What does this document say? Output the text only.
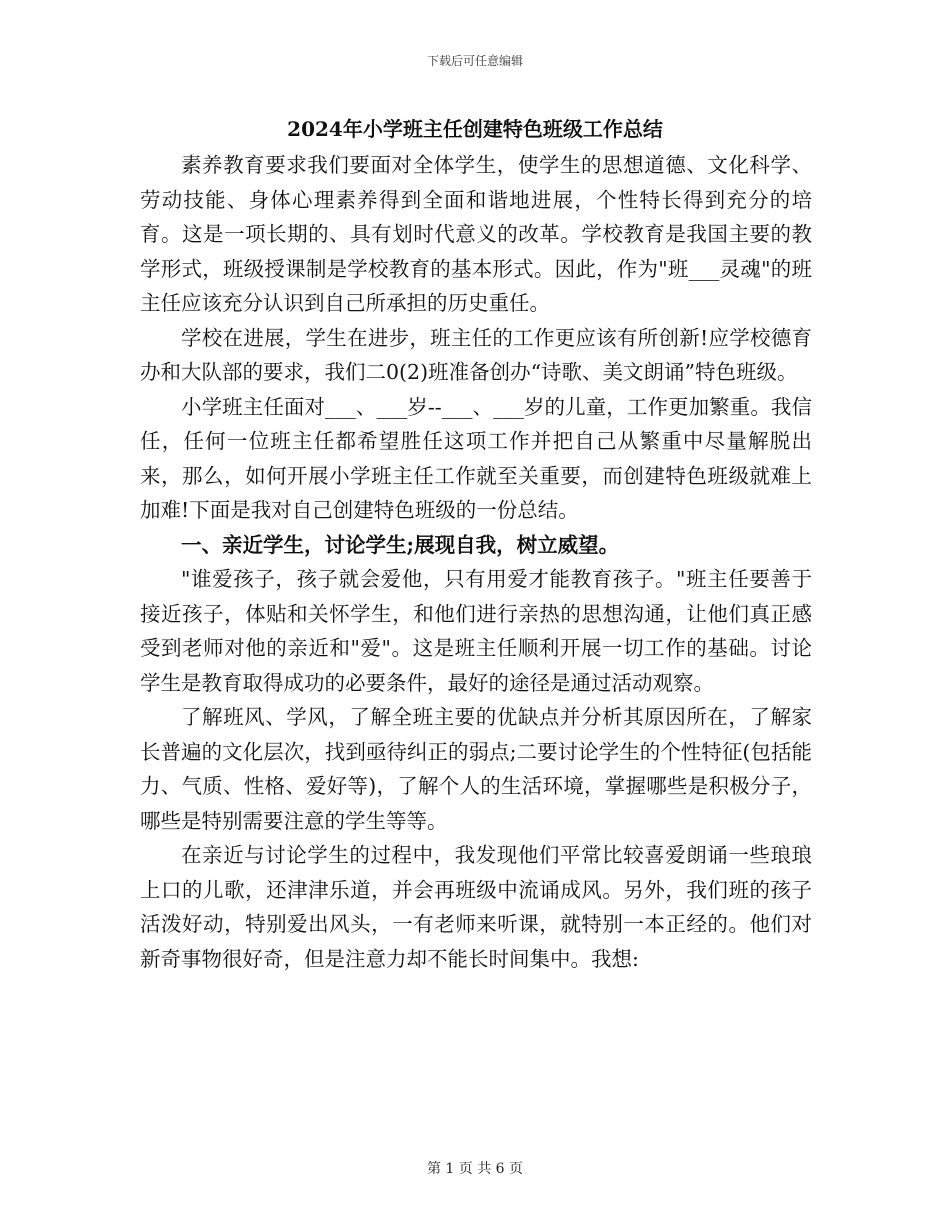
下载后可任意编辑
2024年小学班主任创建特色班级工作总结

素养教育要求我们要面对全体学生，使学生的思想道德、文化科学、劳动技能、身体心理素养得到全面和谐地进展，个性特长得到充分的培育。这是一项长期的、具有划时代意义的改革。学校教育是我国主要的教学形式，班级授课制是学校教育的基本形式。因此，作为"班___灵魂"的班主任应该充分认识到自己所承担的历史重任。

学校在进展，学生在进步，班主任的工作更应该有所创新!应学校德育办和大队部的要求，我们二0(2)班准备创办“诗歌、美文朗诵”特色班级。

小学班主任面对___、___岁--___、___岁的儿童，工作更加繁重。我信任，任何一位班主任都希望胜任这项工作并把自己从繁重中尽量解脱出来，那么，如何开展小学班主任工作就至关重要，而创建特色班级就难上加难!下面是我对自己创建特色班级的一份总结。

一、亲近学生，讨论学生;展现自我，树立威望。

"谁爱孩子，孩子就会爱他，只有用爱才能教育孩子。"班主任要善于接近孩子，体贴和关怀学生，和他们进行亲热的思想沟通，让他们真正感受到老师对他的亲近和"爱"。这是班主任顺利开展一切工作的基础。讨论学生是教育取得成功的必要条件，最好的途径是通过活动观察。

了解班风、学风，了解全班主要的优缺点并分析其原因所在，了解家长普遍的文化层次，找到亟待纠正的弱点;二要讨论学生的个性特征(包括能力、气质、性格、爱好等)，了解个人的生活环境，掌握哪些是积极分子，哪些是特别需要注意的学生等等。

在亲近与讨论学生的过程中，我发现他们平常比较喜爱朗诵一些琅琅上口的儿歌，还津津乐道，并会再班级中流诵成风。另外，我们班的孩子活泼好动，特别爱出风头，一有老师来听课，就特别一本正经的。他们对新奇事物很好奇，但是注意力却不能长时间集中。我想:

第 1 页 共 6 页
